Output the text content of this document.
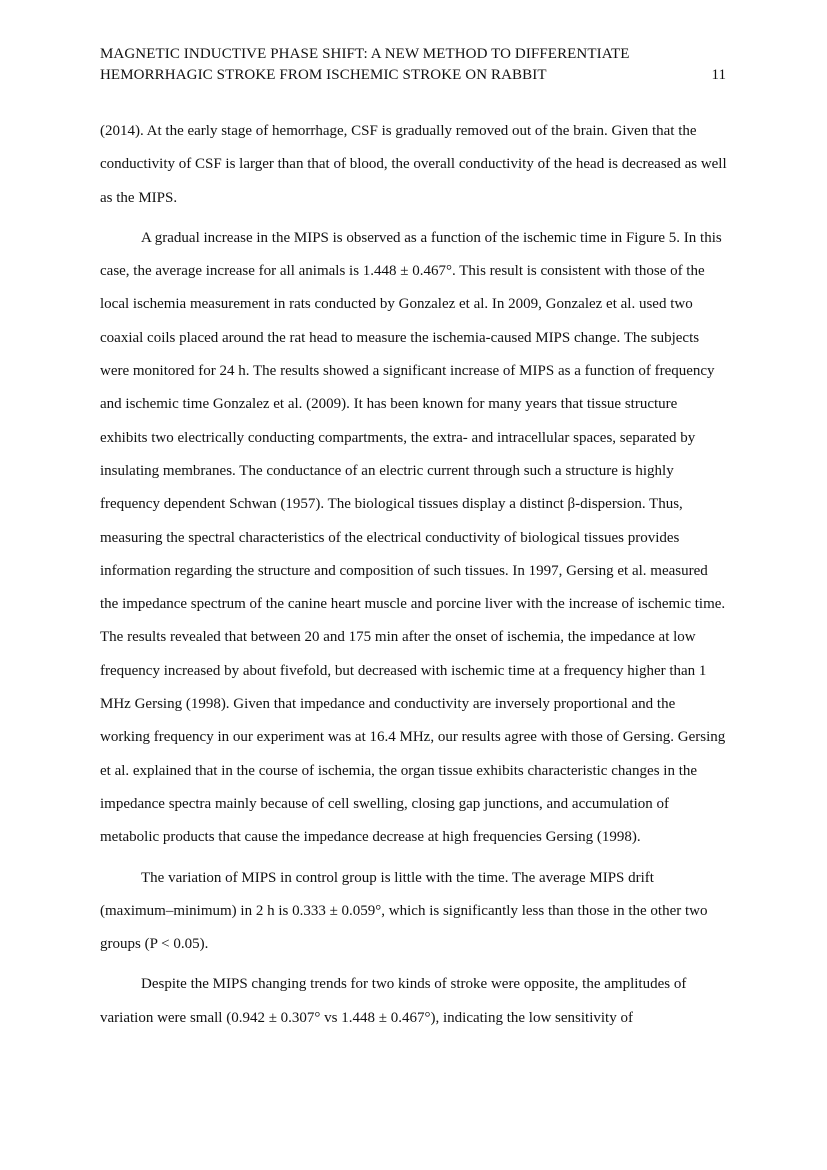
MAGNETIC INDUCTIVE PHASE SHIFT: A NEW METHOD TO DIFFERENTIATE
HEMORRHAGIC STROKE FROM ISCHEMIC STROKE ON RABBIT	11

(2014). At the early stage of hemorrhage, CSF is gradually removed out of the brain. Given that the conductivity of CSF is larger than that of blood, the overall conductivity of the head is decreased as well as the MIPS.

A gradual increase in the MIPS is observed as a function of the ischemic time in Figure 5. In this case, the average increase for all animals is 1.448 ± 0.467°. This result is consistent with those of the local ischemia measurement in rats conducted by Gonzalez et al. In 2009, Gonzalez et al. used two coaxial coils placed around the rat head to measure the ischemia-caused MIPS change. The subjects were monitored for 24 h. The results showed a significant increase of MIPS as a function of frequency and ischemic time Gonzalez et al. (2009). It has been known for many years that tissue structure exhibits two electrically conducting compartments, the extra- and intracellular spaces, separated by insulating membranes. The conductance of an electric current through such a structure is highly frequency dependent Schwan (1957). The biological tissues display a distinct β-dispersion. Thus, measuring the spectral characteristics of the electrical conductivity of biological tissues provides information regarding the structure and composition of such tissues. In 1997, Gersing et al. measured the impedance spectrum of the canine heart muscle and porcine liver with the increase of ischemic time. The results revealed that between 20 and 175 min after the onset of ischemia, the impedance at low frequency increased by about fivefold, but decreased with ischemic time at a frequency higher than 1 MHz Gersing (1998). Given that impedance and conductivity are inversely proportional and the working frequency in our experiment was at 16.4 MHz, our results agree with those of Gersing. Gersing et al. explained that in the course of ischemia, the organ tissue exhibits characteristic changes in the impedance spectra mainly because of cell swelling, closing gap junctions, and accumulation of metabolic products that cause the impedance decrease at high frequencies Gersing (1998).

The variation of MIPS in control group is little with the time. The average MIPS drift (maximum–minimum) in 2 h is 0.333 ± 0.059°, which is significantly less than those in the other two groups (P < 0.05).

Despite the MIPS changing trends for two kinds of stroke were opposite, the amplitudes of variation were small (0.942 ± 0.307° vs 1.448 ± 0.467°), indicating the low sensitivity of
